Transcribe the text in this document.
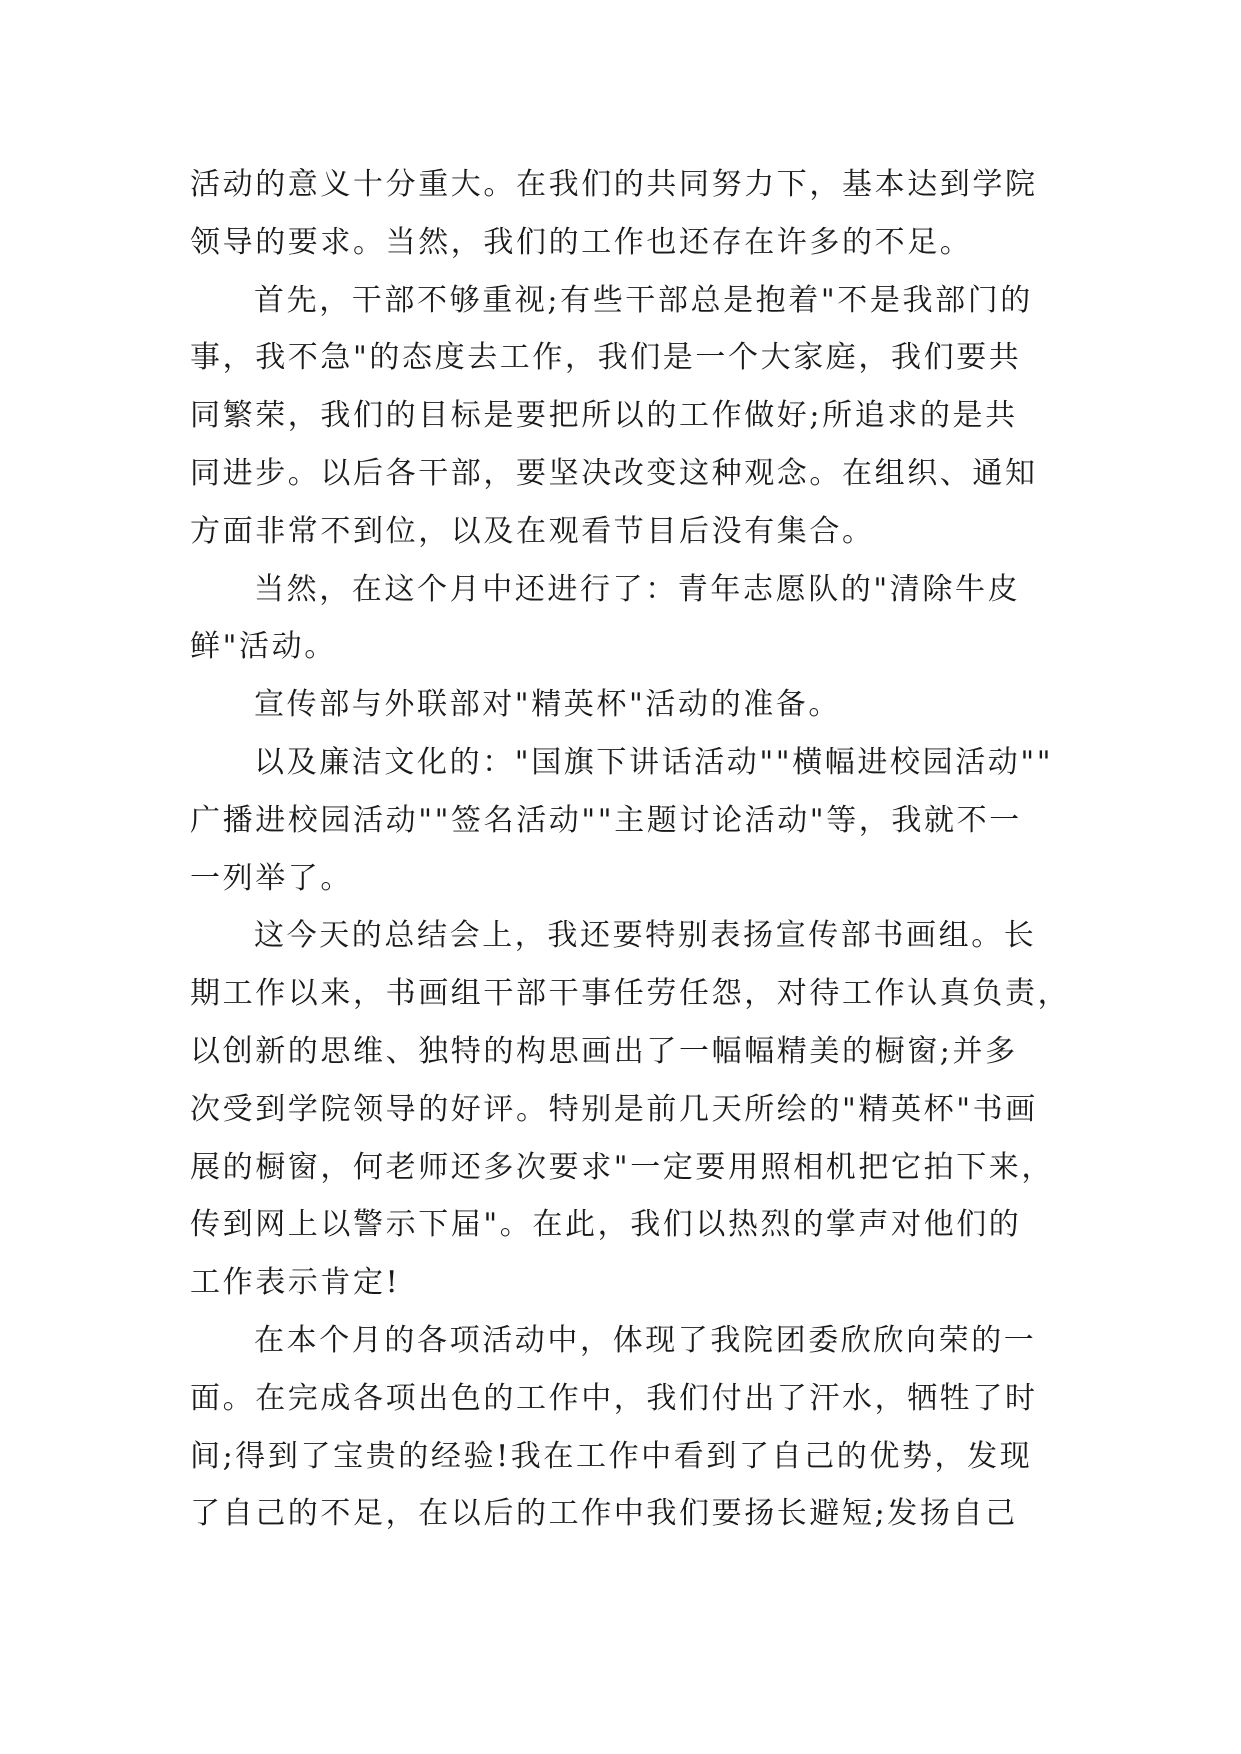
活动的意义十分重大。在我们的共同努力下，基本达到学院
领导的要求。当然，我们的工作也还存在许多的不足。
首先，干部不够重视;有些干部总是抱着"不是我部门的
事，我不急"的态度去工作，我们是一个大家庭，我们要共
同繁荣，我们的目标是要把所以的工作做好;所追求的是共
同进步。以后各干部，要坚决改变这种观念。在组织、通知
方面非常不到位，以及在观看节目后没有集合。
当然，在这个月中还进行了：青年志愿队的"清除牛皮
鲜"活动。
宣传部与外联部对"精英杯"活动的准备。
以及廉洁文化的："国旗下讲话活动""横幅进校园活动""
广播进校园活动""签名活动""主题讨论活动"等，我就不一
一列举了。
这今天的总结会上，我还要特别表扬宣传部书画组。长
期工作以来，书画组干部干事任劳任怨，对待工作认真负责，
以创新的思维、独特的构思画出了一幅幅精美的橱窗;并多
次受到学院领导的好评。特别是前几天所绘的"精英杯"书画
展的橱窗，何老师还多次要求"一定要用照相机把它拍下来，
传到网上以警示下届"。在此，我们以热烈的掌声对他们的
工作表示肯定!
在本个月的各项活动中，体现了我院团委欣欣向荣的一
面。在完成各项出色的工作中，我们付出了汗水，牺牲了时
间;得到了宝贵的经验!我在工作中看到了自己的优势，发现
了自己的不足，在以后的工作中我们要扬长避短;发扬自己
